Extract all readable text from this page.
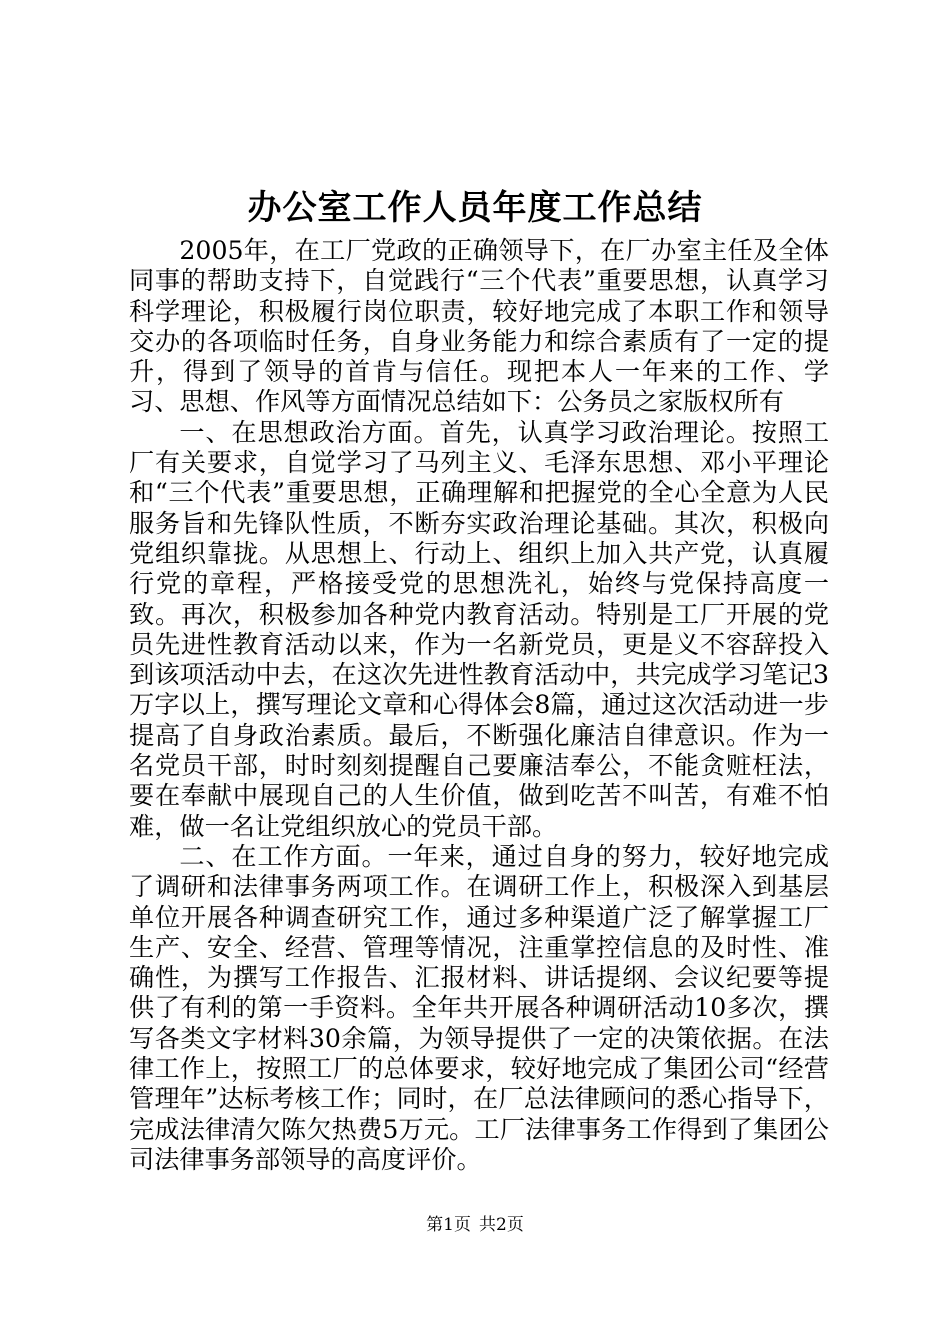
办公室工作人员年度工作总结

2005年，在工厂党政的正确领导下，在厂办室主任及全体同事的帮助支持下，自觉践行“三个代表”重要思想，认真学习科学理论，积极履行岗位职责，较好地完成了本职工作和领导交办的各项临时任务，自身业务能力和综合素质有了一定的提升，得到了领导的首肯与信任。现把本人一年来的工作、学习、思想、作风等方面情况总结如下：公务员之家版权所有

一、在思想政治方面。首先，认真学习政治理论。按照工厂有关要求，自觉学习了马列主义、毛泽东思想、邓小平理论和“三个代表”重要思想，正确理解和把握党的全心全意为人民服务旨和先锋队性质，不断夯实政治理论基础。其次，积极向党组织靠拢。从思想上、行动上、组织上加入共产党，认真履行党的章程，严格接受党的思想洗礼，始终与党保持高度一致。再次，积极参加各种党内教育活动。特别是工厂开展的党员先进性教育活动以来，作为一名新党员，更是义不容辞投入到该项活动中去，在这次先进性教育活动中，共完成学习笔记3万字以上，撰写理论文章和心得体会8篇，通过这次活动进一步提高了自身政治素质。最后，不断强化廉洁自律意识。作为一名党员干部，时时刻刻提醒自己要廉洁奉公，不能贪赃枉法，要在奉献中展现自己的人生价值，做到吃苦不叫苦，有难不怕难，做一名让党组织放心的党员干部。

二、在工作方面。一年来，通过自身的努力，较好地完成了调研和法律事务两项工作。在调研工作上，积极深入到基层单位开展各种调查研究工作，通过多种渠道广泛了解掌握工厂生产、安全、经营、管理等情况，注重掌控信息的及时性、准确性，为撰写工作报告、汇报材料、讲话提纲、会议纪要等提供了有利的第一手资料。全年共开展各种调研活动10多次，撰写各类文字材料30余篇，为领导提供了一定的决策依据。在法律工作上，按照工厂的总体要求，较好地完成了集团公司“经营管理年”达标考核工作；同时，在厂总法律顾问的悉心指导下，完成法律清欠陈欠热费5万元。工厂法律事务工作得到了集团公司法律事务部领导的高度评价。

第1页 共2页
